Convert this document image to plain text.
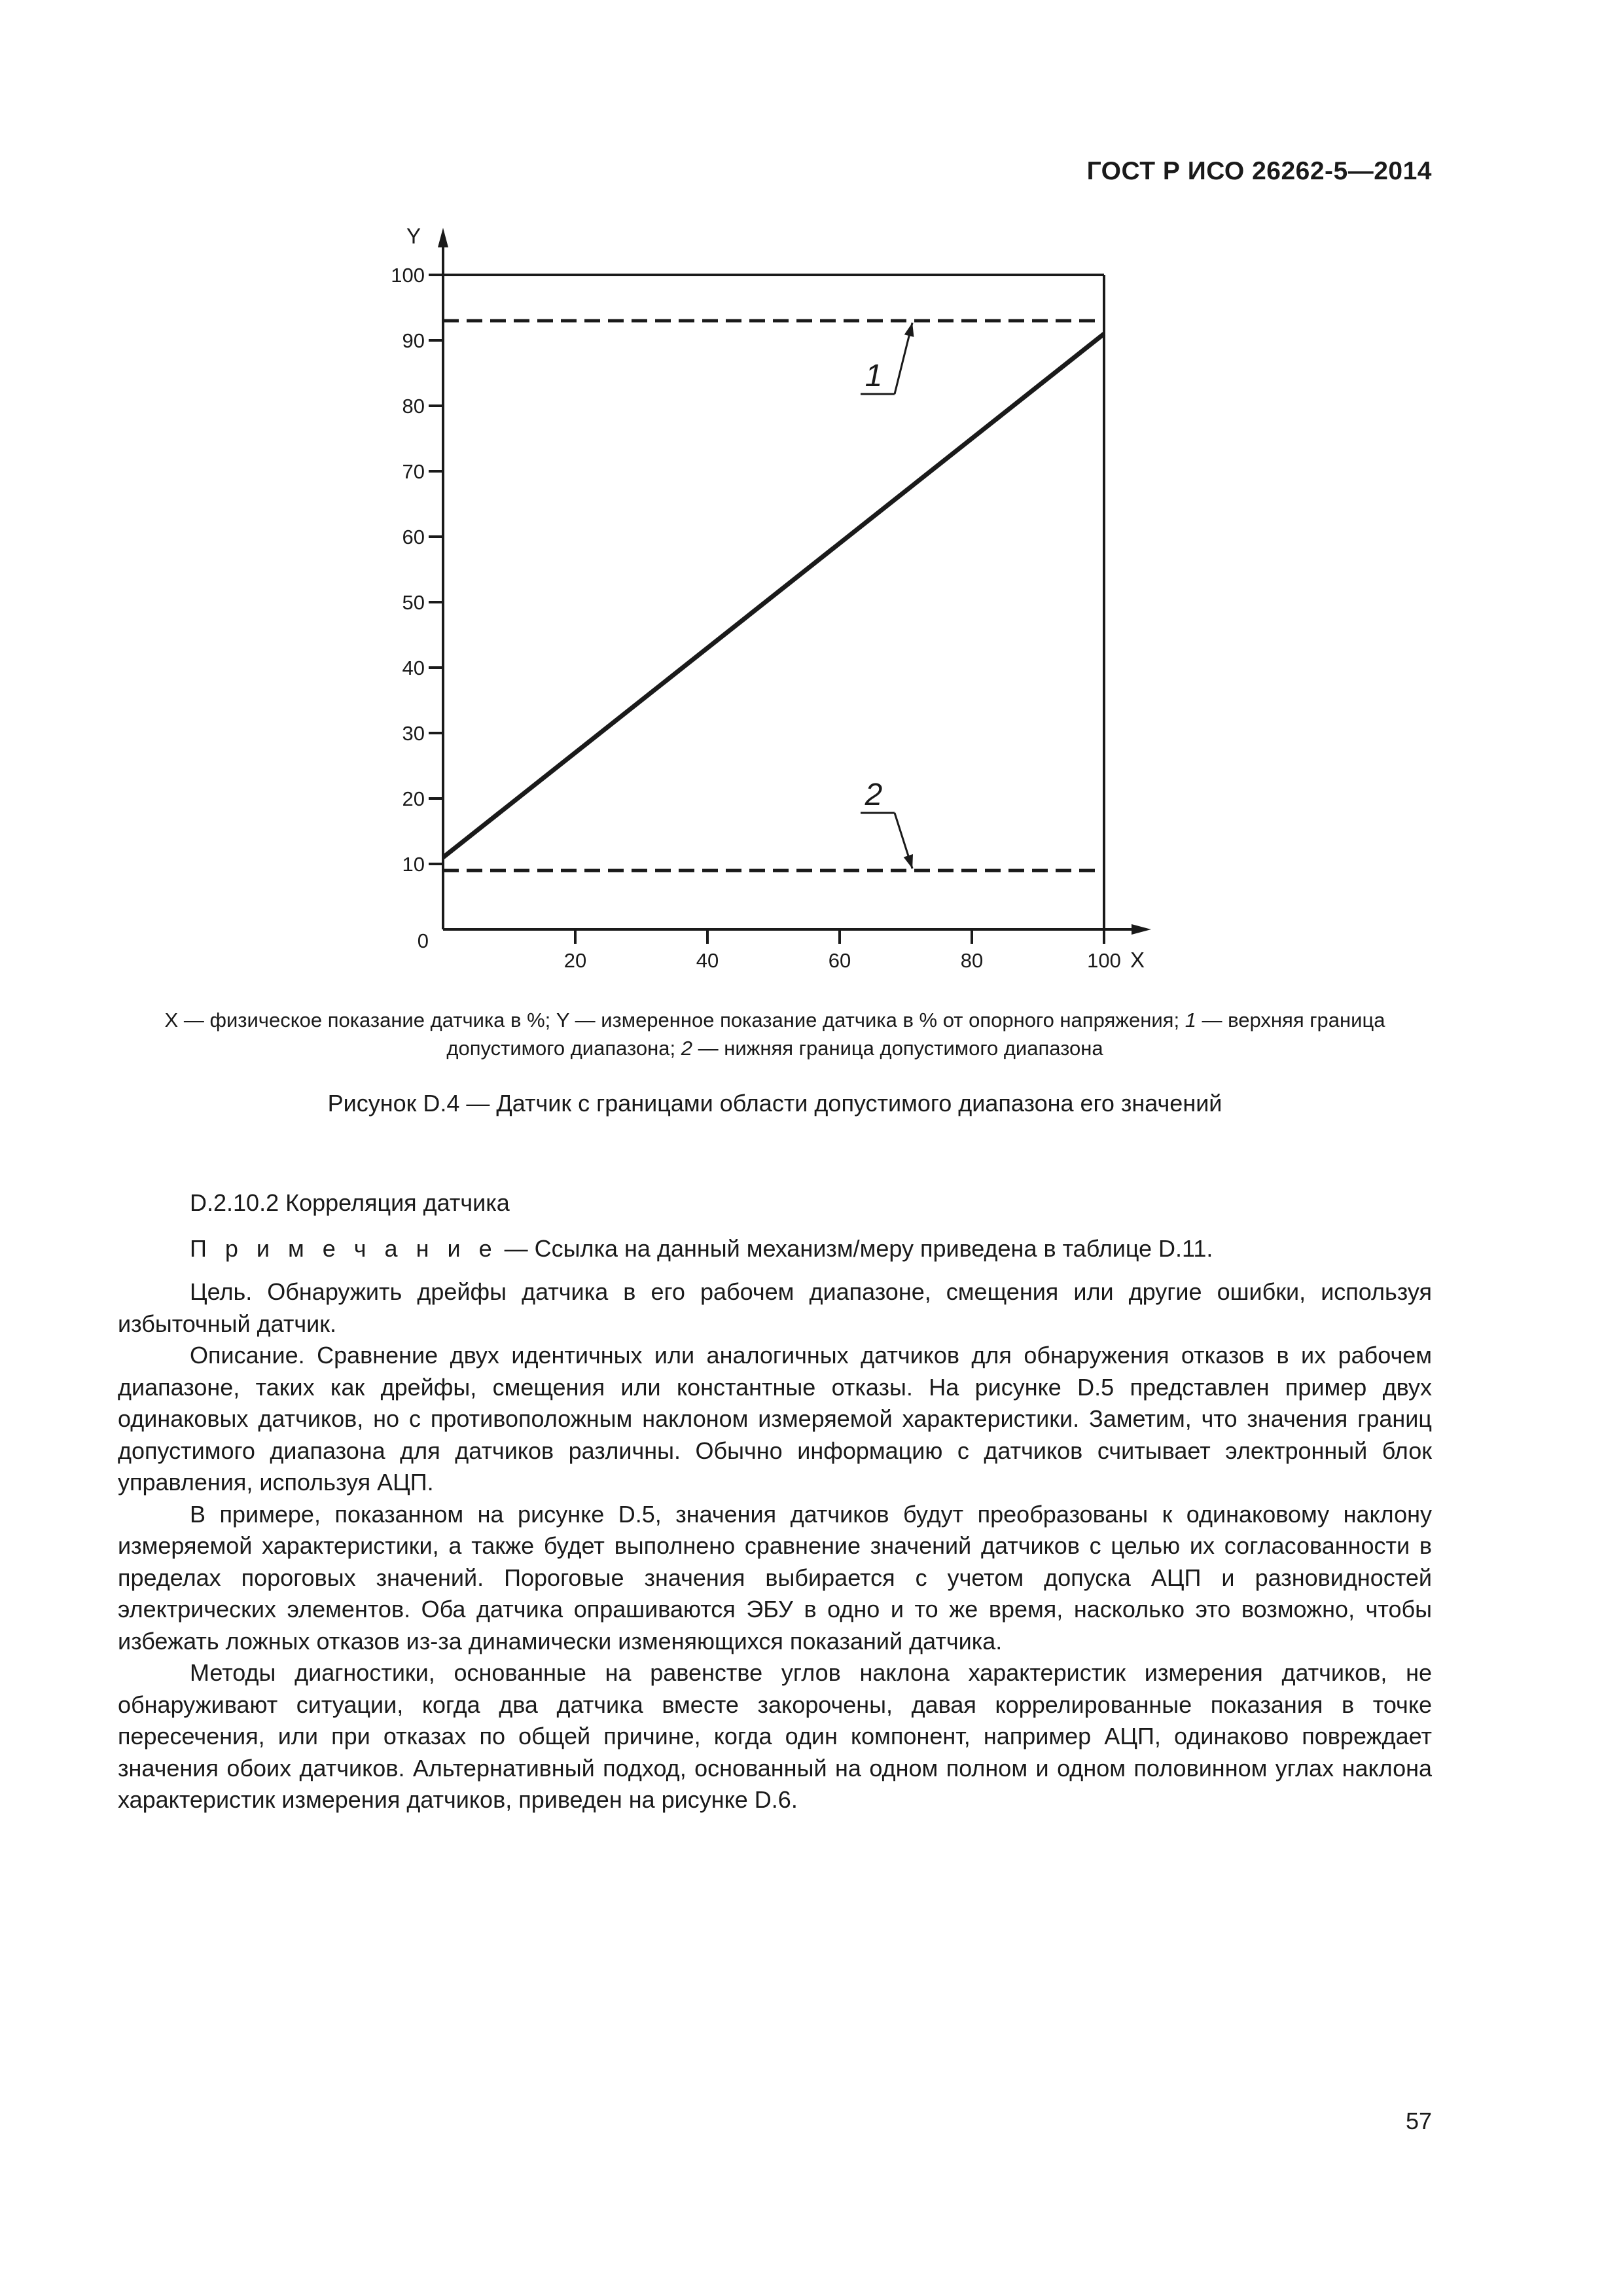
ГОСТ Р ИСО 26262-5—2014
10
20
30
40
50
60
70
80
90
100
20	40	60	80	100
0
X
Y
1
2
X — физическое показание датчика в %; Y — измеренное показание датчика в % от опорного напряжения; 1 — верхняя граница
допустимого диапазона; 2 — нижняя граница допустимого диапазона
Рисунок D.4 — Датчик с границами области допустимого диапазона его значений
D.2.10.2 Корреляция датчика
П р и м е ч а н и е — Ссылка на данный механизм/меру приведена в таблице D.11.

Цель. Обнаружить дрейфы датчика в его рабочем диапазоне, смещения или другие ошибки, используя избыточный датчик.

Описание. Сравнение двух идентичных или аналогичных датчиков для обнаружения отказов в их рабочем диапазоне, таких как дрейфы, смещения или константные отказы. На рисунке D.5 представлен пример двух одинаковых датчиков, но с противоположным наклоном измеряемой характеристики. Заметим, что значения границ допустимого диапазона для датчиков различны. Обычно информацию с датчиков считывает электронный блок управления, используя АЦП.

В примере, показанном на рисунке D.5, значения датчиков будут преобразованы к одинаковому наклону измеряемой характеристики, а также будет выполнено сравнение значений датчиков с целью их согласованности в пределах пороговых значений. Пороговые значения выбирается с учетом допуска АЦП и разновидностей электрических элементов. Оба датчика опрашиваются ЭБУ в одно и то же время, насколько это возможно, чтобы избежать ложных отказов из-за динамически изменяющихся показаний датчика.

Методы диагностики, основанные на равенстве углов наклона характеристик измерения датчиков, не обнаруживают ситуации, когда два датчика вместе закорочены, давая коррелированные показания в точке пересечения, или при отказах по общей причине, когда один компонент, например АЦП, одинаково повреждает значения обоих датчиков. Альтернативный подход, основанный на одном полном и одном половинном углах наклона характеристик измерения датчиков, приведен на рисунке D.6.

57
